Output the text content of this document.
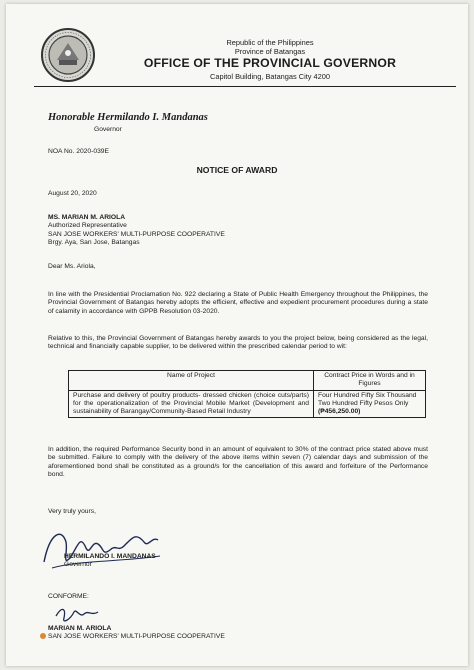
Republic of the Philippines
Province of Batangas
OFFICE OF THE PROVINCIAL GOVERNOR
Capitol Building, Batangas City 4200
Honorable Hermilando I. Mandanas
Governor
NOA No. 2020-039E
NOTICE OF AWARD
August 20, 2020
MS. MARIAN M. ARIOLA
Authorized Representative
SAN JOSE WORKERS' MULTI-PURPOSE COOPERATIVE
Brgy. Aya, San Jose, Batangas
Dear Ms. Ariola,
In line with the Presidential Proclamation No. 922 declaring a State of Public Health Emergency throughout the Philippines, the Provincial Government of Batangas hereby adopts the efficient, effective and expedient procurement procedures during a state of calamity in accordance with GPPB Resolution 03-2020.
Relative to this, the Provincial Government of Batangas hereby awards to you the project below, being considered as the legal, technical and financially capable supplier, to be delivered within the prescribed calendar period to wit:
Name of Project	Contract Price in Words and in Figures
Purchase and delivery of poultry products- dressed chicken (choice cuts/parts) for the operationalization of the Provincial Mobile Market (Development and sustainability of Barangay/Community-Based Retail Industry	Four Hundred Fifty Six Thousand Two Hundred Fifty Pesos Only
(₱456,250.00)
In addition, the required Performance Security bond in an amount of equivalent to 30% of the contract price stated above must be submitted. Failure to comply with the delivery of the above items within seven (7) calendar days and submission of the aforementioned bond shall be constituted as a ground/s for the cancellation of this award and forfeiture of the Performance bond.
Very truly yours,
HERMILANDO I. MANDANAS
Governor
CONFORME:
MARIAN M. ARIOLA
SAN JOSE WORKERS' MULTI-PURPOSE COOPERATIVE
